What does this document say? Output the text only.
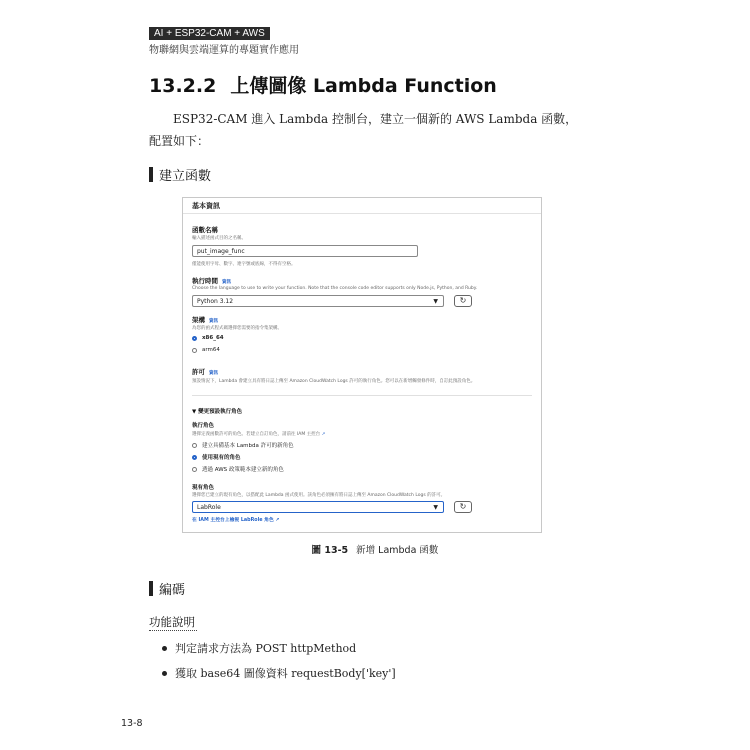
AI + ESP32-CAM + AWS
物聯網與雲端運算的專題實作應用
13.2.2 上傳圖像 Lambda Function
ESP32-CAM 進入 Lambda 控制台，建立一個新的 AWS Lambda 函數，配置如下：
建立函數
基本資訊
函數名稱
輸入描述函式目的之名稱。
put_image_func
僅能使用字母、數字、連字號或底線，不得有空格。
執行時間 資訊
Choose the language to use to write your function. Note that the console code editor supports only Node.js, Python, and Ruby.
Python 3.12	▼	↻
架構 資訊
為您的函式程式碼選擇您需要的指令集架構。
x86_64
arm64
許可 資訊
預設情況下，Lambda 會建立具有將日誌上傳至 Amazon CloudWatch Logs 許可的執行角色。您可以在新增觸發條件時，自訂此預設角色。
▼ 變更預設執行角色
執行角色
選擇定義函數許可的角色。若建立自訂角色，請前往 IAM 主控台 ↗
建立具備基本 Lambda 許可的新角色
使用現有的角色
透過 AWS 政策範本建立新的角色
現有角色
選擇您已建立的現有角色，以搭配此 Lambda 函式使用。該角色必須擁有將日誌上傳至 Amazon CloudWatch Logs 的許可。
LabRole	▼	↻
在 IAM 主控台上檢視 LabRole 角色 ↗
圖 13-5 新增 Lambda 函數
編碼
功能說明
判定請求方法為 POST httpMethod
獲取 base64 圖像資料 requestBody['key']
13-8
